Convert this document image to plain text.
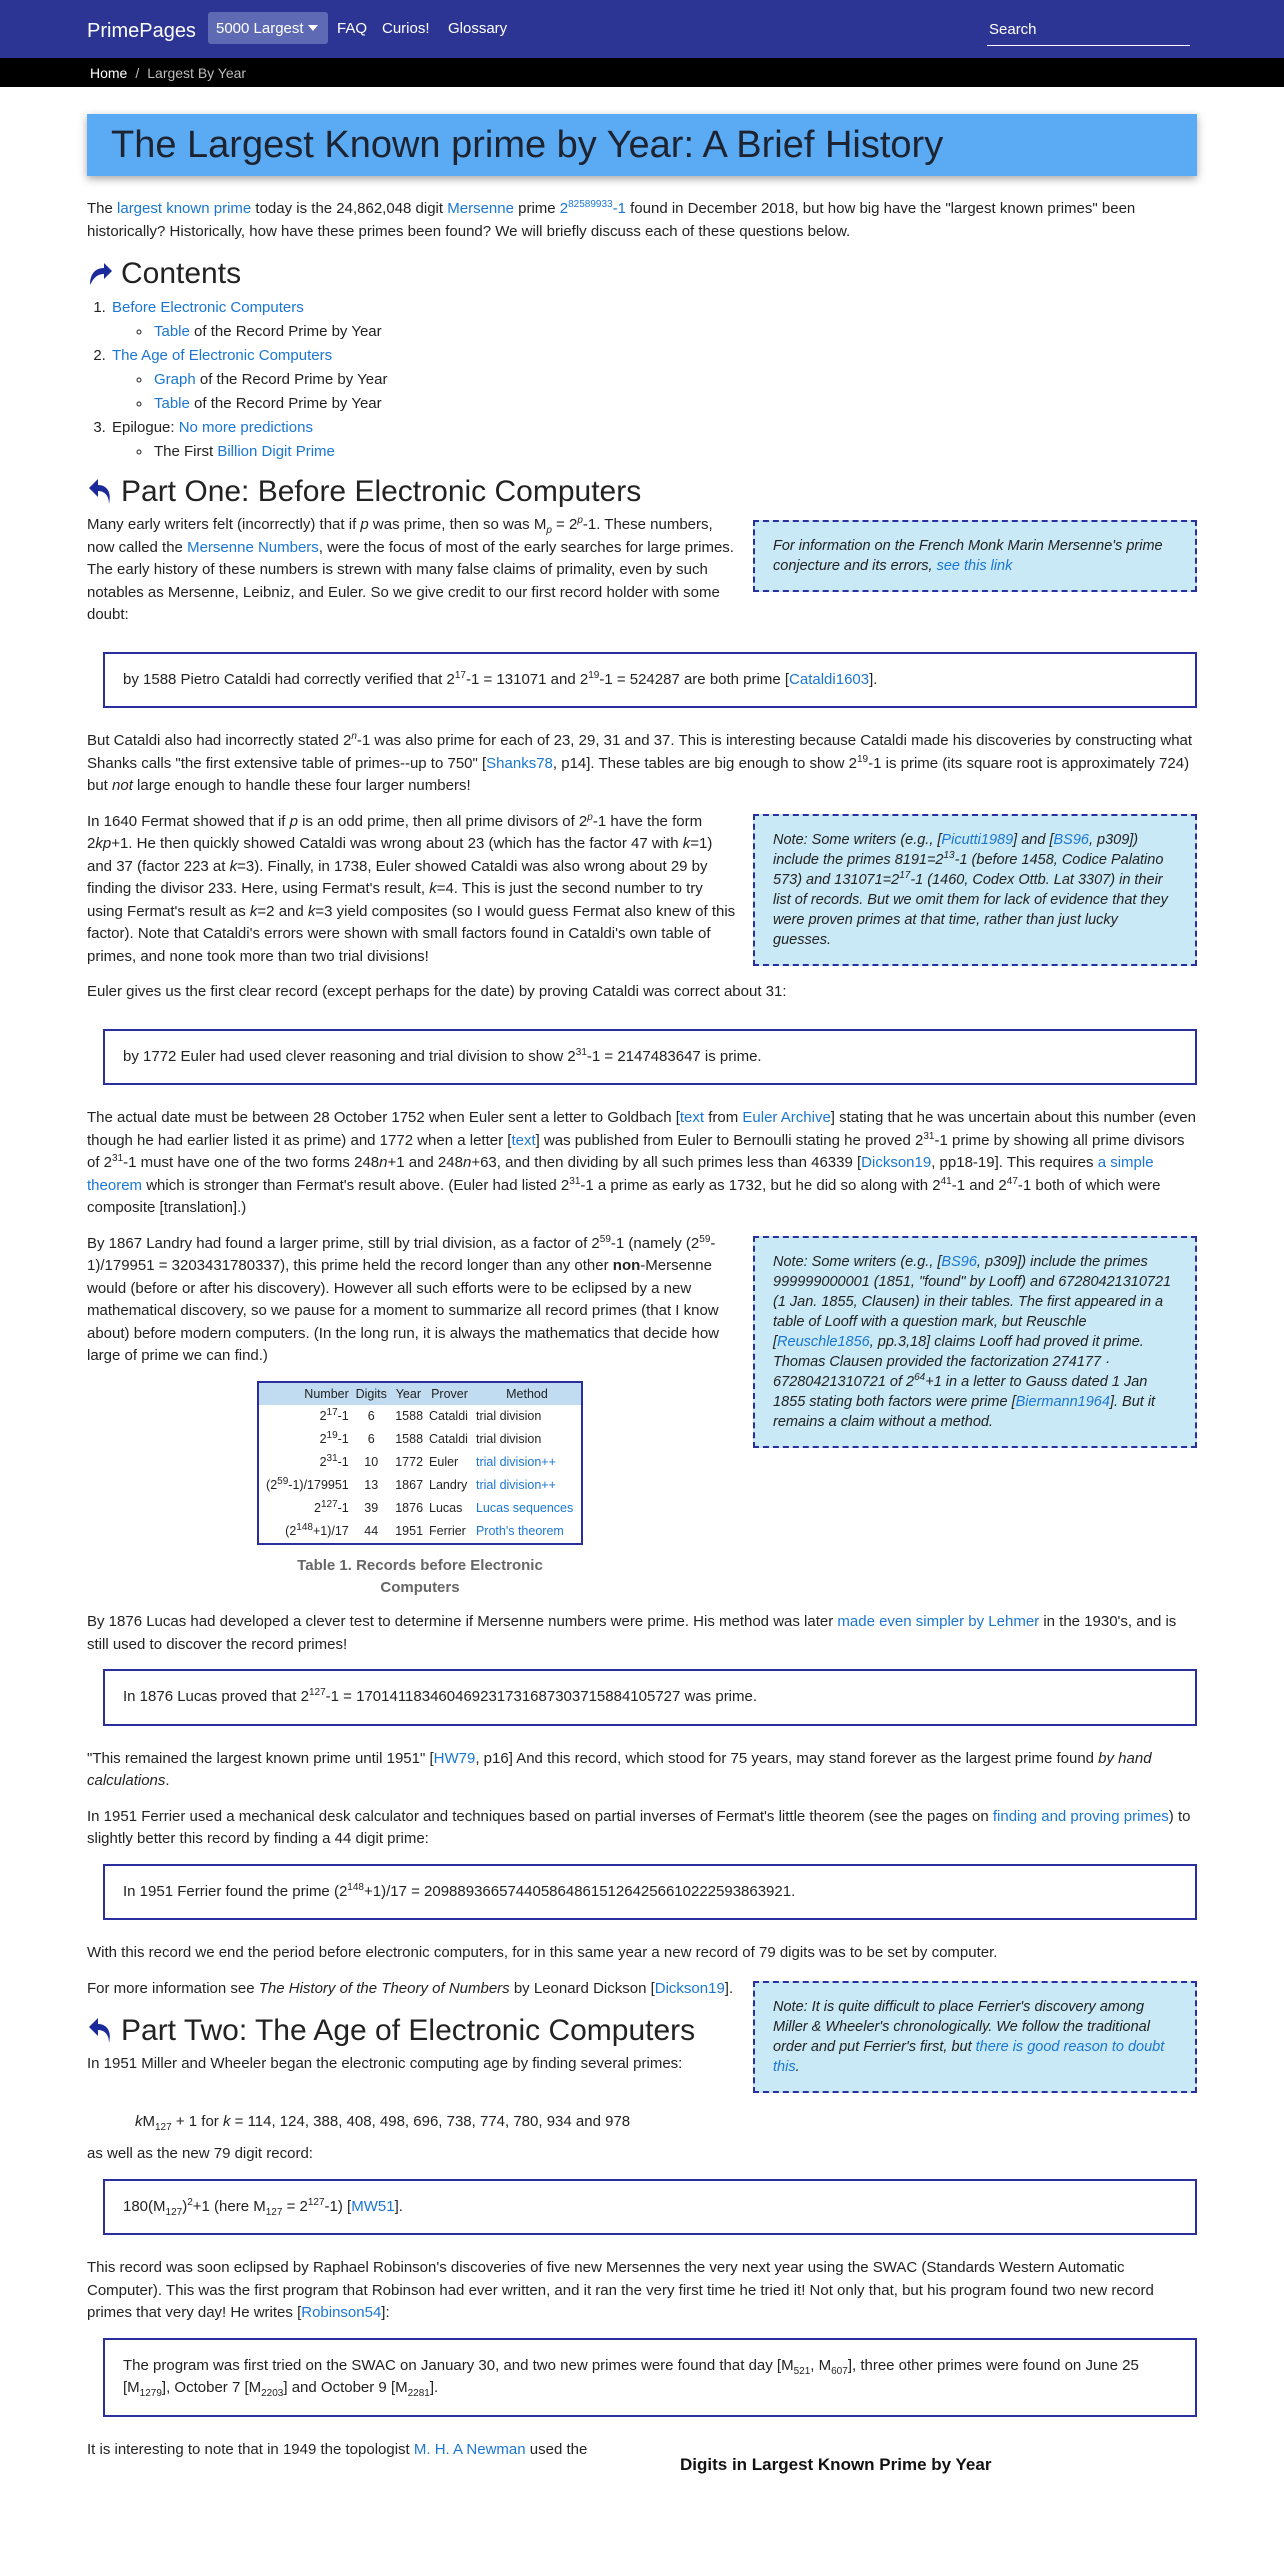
PrimePages	5000 Largest	FAQ Curios! Glossary
Search
Home / Largest By Year
The Largest Known prime by Year: A Brief History

The largest known prime today is the 24,862,048 digit Mersenne prime $2^{82589933}-1$ found in December 2018, but how big have the "largest known primes" been historically? Historically, how have these primes been found? We will briefly discuss each of these questions below.

Contents
1. Before Electronic Computers
◦ Table of the Record Prime by Year
2. The Age of Electronic Computers
◦ Graph of the Record Prime by Year
◦ Table of the Record Prime by Year
3. Epilogue: No more predictions
◦ The First Billion Digit Prime
Part One: Before Electronic Computers
For information on the French Monk Marin Mersenne's prime conjecture and its errors, see this link

Many early writers felt (incorrectly) that if p was prime, then so was $M_p = 2^p-1$. These numbers, now called the Mersenne Numbers, were the focus of most of the early searches for large primes. The early history of these numbers is strewn with many false claims of primality, even by such notables as Mersenne, Leibniz, and Euler. So we give credit to our first record holder with some doubt:

by 1588 Pietro Cataldi had correctly verified that $2^{17}-1 = 131071$ and $2^{19}-1 = 524287$ are both prime [Cataldi1603].

But Cataldi also had incorrectly stated 2$^n$-1 was also prime for each of 23, 29, 31 and 37. This is interesting because Cataldi made his discoveries by constructing what Shanks calls "the first extensive table of primes--up to 750" [Shanks78, p14]. These tables are big enough to show $2^{19}-1$ is prime (its square root is approximately 724) but not large enough to handle these four larger numbers!

Note: Some writers (e.g., [Picutti1989] and [BS96, p309]) include the primes $8191=2^{13}-1$ (before 1458, Codice Palatino 573) and $131071=2^{17}-1$ (1460, Codex Ottb. Lat 3307) in their list of records. But we omit them for lack of evidence that they were proven primes at that time, rather than just lucky guesses.

In 1640 Fermat showed that if p is an odd prime, then all prime divisors of 2$^p$-1 have the form 2kp+1. He then quickly showed Cataldi was wrong about 23 (which has the factor 47 with k=1) and 37 (factor 223 at k=3). Finally, in 1738, Euler showed Cataldi was also wrong about 29 by finding the divisor 233. Here, using Fermat's result, k=4. This is just the second number to try using Fermat's result as k=2 and k=3 yield composites (so I would guess Fermat also knew of this factor). Note that Cataldi's errors were shown with small factors found in Cataldi's own table of primes, and none took more than two trial divisions!

Euler gives us the first clear record (except perhaps for the date) by proving Cataldi was correct about 31:

by 1772 Euler had used clever reasoning and trial division to show $2^{31}-1 = 2147483647$ is prime.

The actual date must be between 28 October 1752 when Euler sent a letter to Goldbach [text from Euler Archive] stating that he was uncertain about this number (even though he had earlier listed it as prime) and 1772 when a letter [text] was published from Euler to Bernoulli stating he proved $2^{31}-1$ prime by showing all prime divisors of $2^{31}-1$ must have one of the two forms 248n+1 and 248n+63, and then dividing by all such primes less than 46339 [Dickson19, pp18-19]. This requires a simple theorem which is stronger than Fermat's result above. (Euler had listed $2^{31}-1$ a prime as early as 1732, but he did so along with $2^{41}-1$ and $2^{47}-1$ both of which were composite [translation].)

Note: Some writers (e.g., [BS96, p309]) include the primes 999999000001 (1851, "found" by Looff) and 67280421310721 (1 Jan. 1855, Clausen) in their tables. The first appeared in a table of Looff with a question mark, but Reuschle [Reuschle1856, pp.3,18] claims Looff had proved it prime. Thomas Clausen provided the factorization 274177 · 67280421310721 of $2^{64}+1$ in a letter to Gauss dated 1 Jan 1855 stating both factors were prime [Biermann1964]. But it remains a claim without a method.

By 1867 Landry had found a larger prime, still by trial division, as a factor of $2^{59}-1$ (namely $(2^{59}-1)/179951 = 3203431780337$), this prime held the record longer than any other non-Mersenne would (before or after his discovery). However all such efforts were to be eclipsed by a new mathematical discovery, so we pause for a moment to summarize all record primes (that I know about) before modern computers. (In the long run, it is always the mathematics that decide how large of prime we can find.)

Number	Digits	Year	Prover	Method
$2^{17}-1$	6	1588	Cataldi	trial division
$2^{19}-1$	6	1588	Cataldi	trial division
$2^{31}-1$	10	1772	Euler	trial division++
$(2^{59}-1)/179951$	13	1867	Landry	trial division++
$2^{127}-1$	39	1876	Lucas	Lucas sequences
$(2^{148}+1)/17$	44	1951	Ferrier	Proth's theorem
Table 1. Records before Electronic Computers

By 1876 Lucas had developed a clever test to determine if Mersenne numbers were prime. His method was later made even simpler by Lehmer in the 1930's, and is still used to discover the record primes!

In 1876 Lucas proved that $2^{127}-1 = 170141183460469231731687303715884105727$ was prime.

"This remained the largest known prime until 1951" [HW79, p16] And this record, which stood for 75 years, may stand forever as the largest prime found by hand calculations.

In 1951 Ferrier used a mechanical desk calculator and techniques based on partial inverses of Fermat's little theorem (see the pages on finding and proving primes) to slightly better this record by finding a 44 digit prime:

In 1951 Ferrier found the prime $(2^{148}+1)/17 = 20988936657440586486151264256610222593863921$.

With this record we end the period before electronic computers, for in this same year a new record of 79 digits was to be set by computer.

Note: It is quite difficult to place Ferrier's discovery among Miller & Wheeler's chronologically. We follow the traditional order and put Ferrier's first, but there is good reason to doubt this.

For more information see The History of the Theory of Numbers by Leonard Dickson [Dickson19].

Part Two: The Age of Electronic Computers

In 1951 Miller and Wheeler began the electronic computing age by finding several primes:

$kM_{127} + 1$ for k = 114, 124, 388, 408, 498, 696, 738, 774, 780, 934 and 978

as well as the new 79 digit record:

$180(M_{127})^2+1$ (here $M_{127} = 2^{127}-1$) [MW51].

This record was soon eclipsed by Raphael Robinson's discoveries of five new Mersennes the very next year using the SWAC (Standards Western Automatic Computer). This was the first program that Robinson had ever written, and it ran the very first time he tried it! Not only that, but his program found two new record primes that very day! He writes [Robinson54]:

The program was first tried on the SWAC on January 30, and two new primes were found that day [$M_{521}$, $M_{607}$], three other primes were found on June 25 $[M_{1279}]$, October 7 $[M_{2203}]$ and October 9 $[M_{2281}]$.

It is interesting to note that in 1949 the topologist M. H. A Newman used the

Digits in Largest Known Prime by Year
